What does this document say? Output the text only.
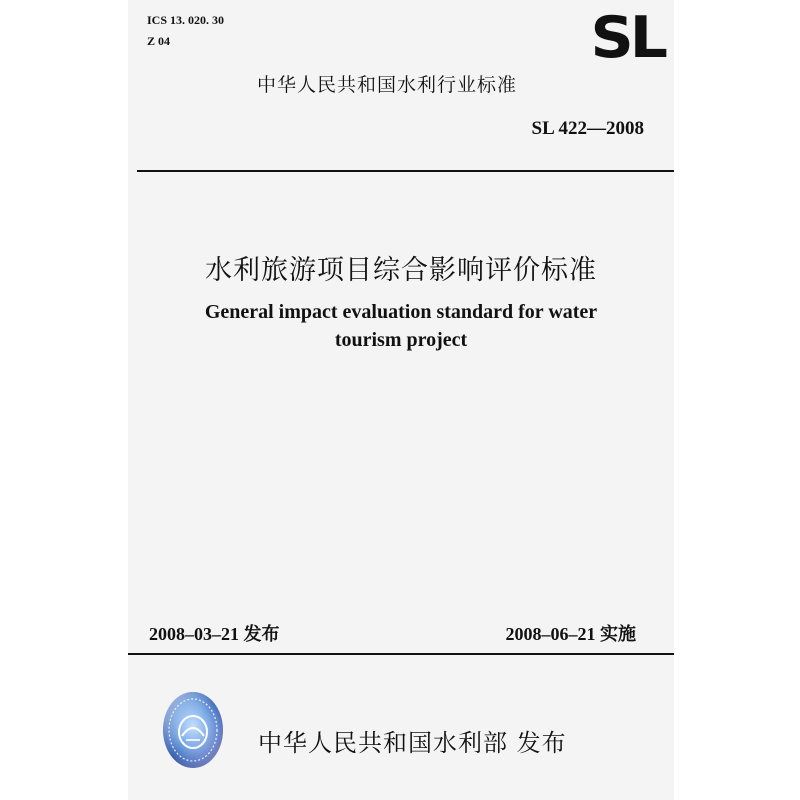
ICS 13. 020. 30
Z 04	SL
中华人民共和国水利行业标准
SL 422—2008
水利旅游项目综合影响评价标准
General impact evaluation standard for water
tourism project
2008–03–21 发布	2008–06–21 实施
中华人民共和国水利部 发布
